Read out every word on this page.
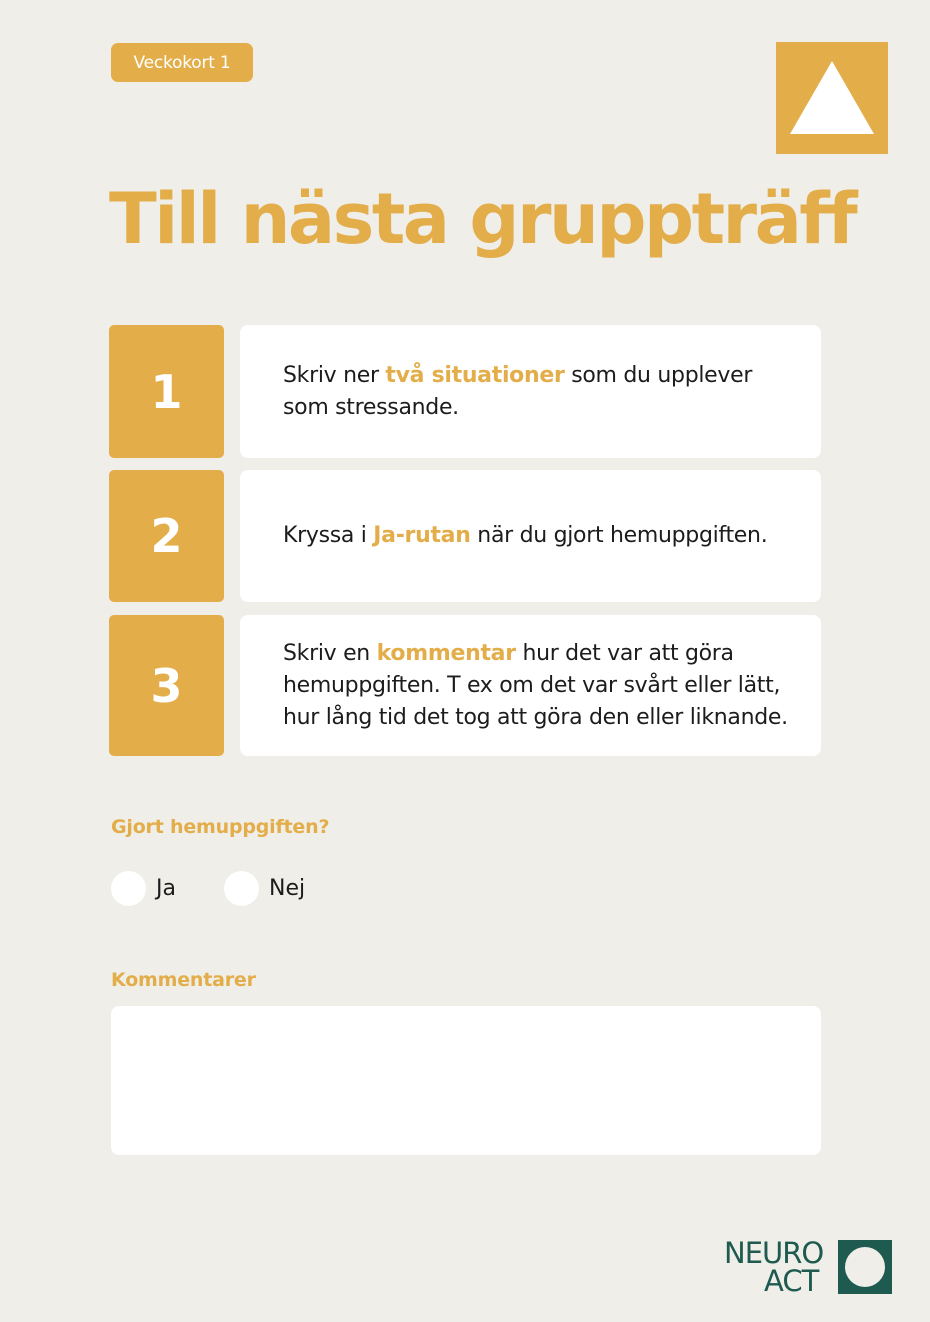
Veckokort 1
Till nästa gruppträff
1	Skriv ner två situationer som du upplever som stressande.
2	Kryssa i Ja-rutan när du gjort hemuppgiften.
3
Skriv en kommentar hur det var att göra hemuppgiften. T ex om det var svårt eller lätt, hur lång tid det tog att göra den eller liknande.

Gjort hemuppgiften?

Ja	Nej

Kommentarer

NEURO
ACT
